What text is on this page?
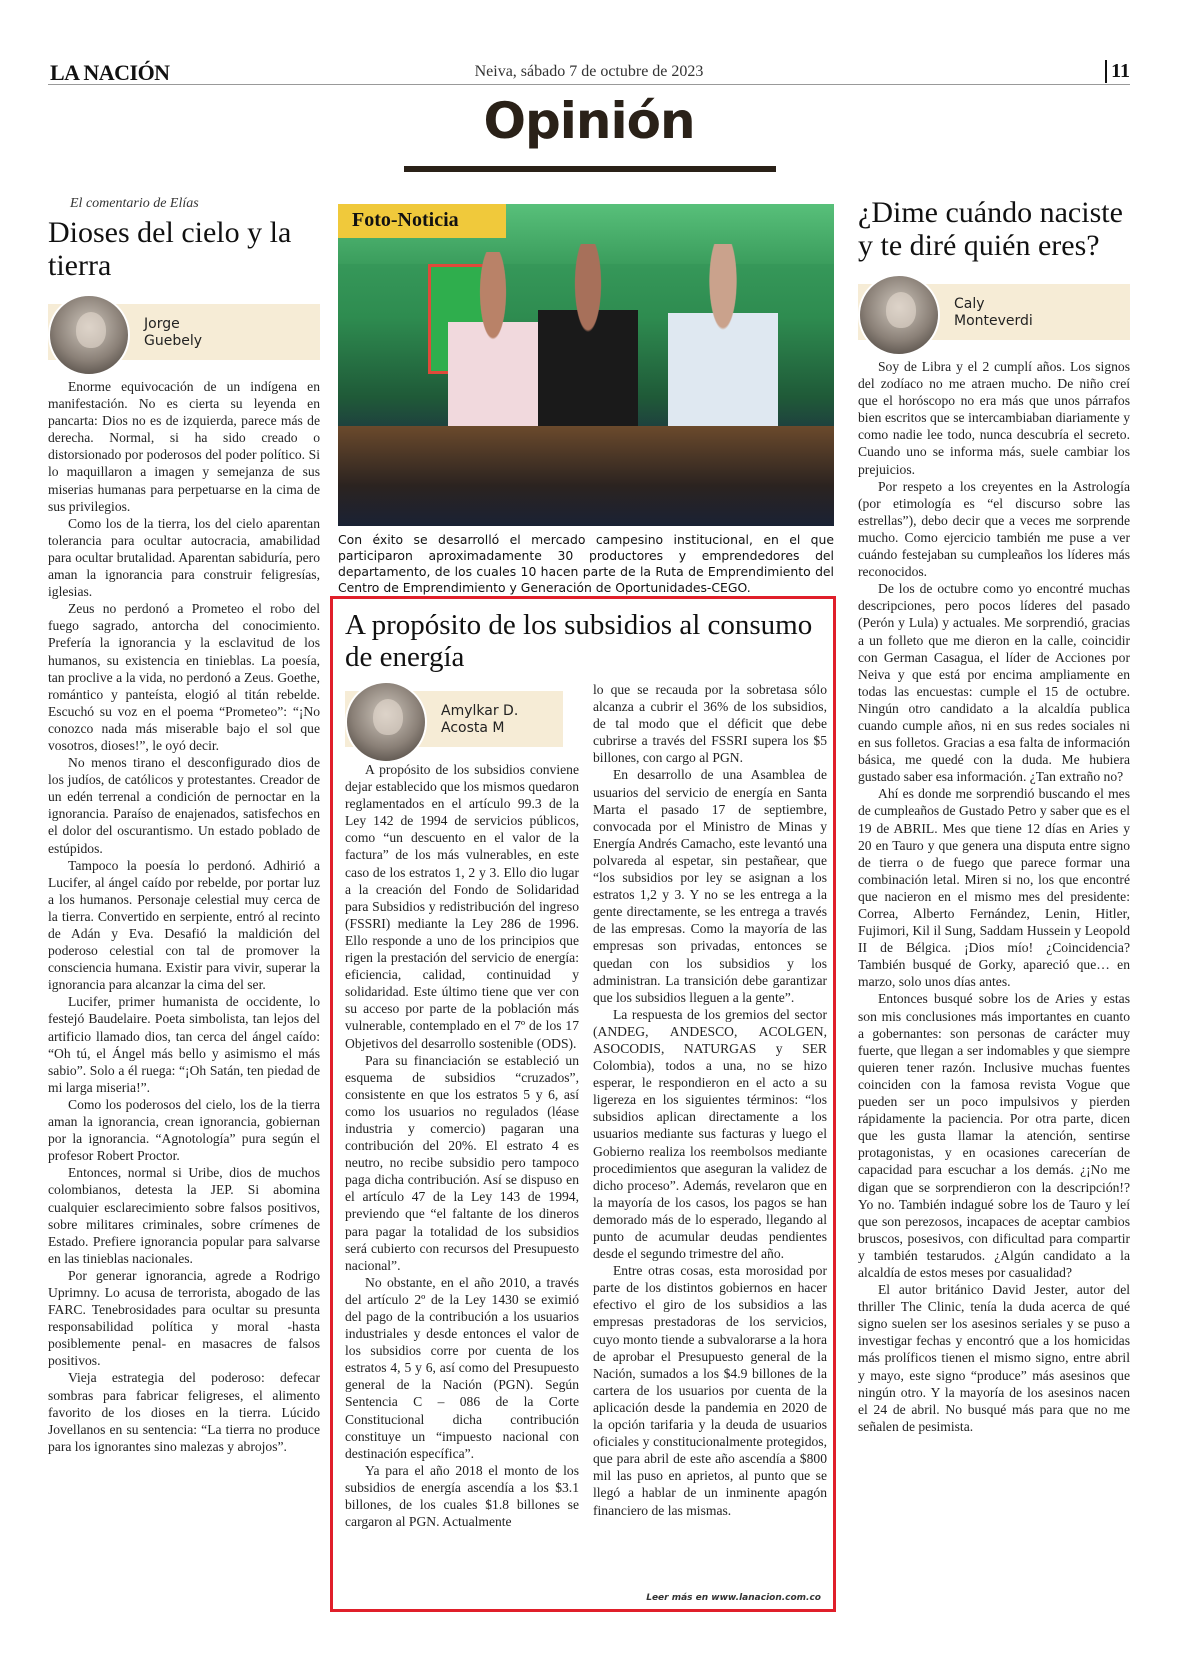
LA NACIÓN	Neiva, sábado 7 de octubre de 2023	11
Opinión
El comentario de Elías
Dioses del cielo y la tierra
Jorge
Guebely

Enorme equivocación de un indígena en manifestación. No es cierta su leyenda en pancarta: Dios no es de izquierda, parece más de derecha. Normal, si ha sido creado o distorsionado por poderosos del poder político. Si lo maquillaron a imagen y semejanza de sus miserias humanas para perpetuarse en la cima de sus privilegios.

Como los de la tierra, los del cielo aparentan tolerancia para ocultar autocracia, amabilidad para ocultar brutalidad. Aparentan sabiduría, pero aman la ignorancia para construir feligresías, iglesias.

Zeus no perdonó a Prometeo el robo del fuego sagrado, antorcha del conocimiento. Prefería la ignorancia y la esclavitud de los humanos, su existencia en tinieblas. La poesía, tan proclive a la vida, no perdonó a Zeus. Goethe, romántico y panteísta, elogió al titán rebelde. Escuchó su voz en el poema “Prometeo”: “¡No conozco nada más miserable bajo el sol que vosotros, dioses!”, le oyó decir.

No menos tirano el desconfigurado dios de los judíos, de católicos y protestantes. Creador de un edén terrenal a condición de pernoctar en la ignorancia. Paraíso de enajenados, satisfechos en el dolor del oscurantismo. Un estado poblado de estúpidos.

Tampoco la poesía lo perdonó. Adhirió a Lucifer, al ángel caído por rebelde, por portar luz a los humanos. Personaje celestial muy cerca de la tierra. Convertido en serpiente, entró al recinto de Adán y Eva. Desafió la maldición del poderoso celestial con tal de promover la consciencia humana. Existir para vivir, superar la ignorancia para alcanzar la cima del ser.

Lucifer, primer humanista de occidente, lo festejó Baudelaire. Poeta simbolista, tan lejos del artificio llamado dios, tan cerca del ángel caído: “Oh tú, el Ángel más bello y asimismo el más sabio”. Solo a él ruega: “¡Oh Satán, ten piedad de mi larga miseria!”.

Como los poderosos del cielo, los de la tierra aman la ignorancia, crean ignorancia, gobiernan por la ignorancia. “Agnotología” pura según el profesor Robert Proctor.

Entonces, normal si Uribe, dios de muchos colombianos, detesta la JEP. Si abomina cualquier esclarecimiento sobre falsos positivos, sobre militares criminales, sobre crímenes de Estado. Prefiere ignorancia popular para salvarse en las tinieblas nacionales.

Por generar ignorancia, agrede a Rodrigo Uprimny. Lo acusa de terrorista, abogado de las FARC. Tenebrosidades para ocultar su presunta responsabilidad política y moral -hasta posiblemente penal- en masacres de falsos positivos.

Vieja estrategia del poderoso: defecar sombras para fabricar feligreses, el alimento favorito de los dioses en la tierra. Lúcido Jovellanos en su sentencia: “La tierra no produce para los ignorantes sino malezas y abrojos”.

Foto-Noticia
Con éxito se desarrolló el mercado campesino institucional, en el que participaron aproximadamente 30 productores y emprendedores del departamento, de los cuales 10 hacen parte de la Ruta de Emprendimiento del Centro de Emprendimiento y Generación de Oportunidades-CEGO.
A propósito de los subsidios al consumo de energía
Amylkar D.
Acosta M

A propósito de los subsidios conviene dejar establecido que los mismos quedaron reglamentados en el artículo 99.3 de la Ley 142 de 1994 de servicios públicos, como “un descuento en el valor de la factura” de los más vulnerables, en este caso de los estratos 1, 2 y 3. Ello dio lugar a la creación del Fondo de Solidaridad para Subsidios y redistribución del ingreso (FSSRI) mediante la Ley 286 de 1996. Ello responde a uno de los principios que rigen la prestación del servicio de energía: eficiencia, calidad, continuidad y solidaridad. Este último tiene que ver con su acceso por parte de la población más vulnerable, contemplado en el 7º de los 17 Objetivos del desarrollo sostenible (ODS).

Para su financiación se estableció un esquema de subsidios “cruzados”, consistente en que los estratos 5 y 6, así como los usuarios no regulados (léase industria y comercio) pagaran una contribución del 20%. El estrato 4 es neutro, no recibe subsidio pero tampoco paga dicha contribución. Así se dispuso en el artículo 47 de la Ley 143 de 1994, previendo que “el faltante de los dineros para pagar la totalidad de los subsidios será cubierto con recursos del Presupuesto nacional”.

No obstante, en el año 2010, a través del artículo 2º de la Ley 1430 se eximió del pago de la contribución a los usuarios industriales y desde entonces el valor de los subsidios corre por cuenta de los estratos 4, 5 y 6, así como del Presupuesto general de la Nación (PGN). Según Sentencia C – 086 de la Corte Constitucional dicha contribución constituye un “impuesto nacional con destinación específica”.

Ya para el año 2018 el monto de los subsidios de energía ascendía a los $3.1 billones, de los cuales $1.8 billones se cargaron al PGN. Actualmente

lo que se recauda por la sobretasa sólo alcanza a cubrir el 36% de los subsidios, de tal modo que el déficit que debe cubrirse a través del FSSRI supera los $5 billones, con cargo al PGN.

En desarrollo de una Asamblea de usuarios del servicio de energía en Santa Marta el pasado 17 de septiembre, convocada por el Ministro de Minas y Energía Andrés Camacho, este levantó una polvareda al espetar, sin pestañear, que “los subsidios por ley se asignan a los estratos 1,2 y 3. Y no se les entrega a la gente directamente, se les entrega a través de las empresas. Como la mayoría de las empresas son privadas, entonces se quedan con los subsidios y los administran. La transición debe garantizar que los subsidios lleguen a la gente”.

La respuesta de los gremios del sector (ANDEG, ANDESCO, ACOLGEN, ASOCODIS, NATURGAS y SER Colombia), todos a una, no se hizo esperar, le respondieron en el acto a su ligereza en los siguientes términos: “los subsidios aplican directamente a los usuarios mediante sus facturas y luego el Gobierno realiza los reembolsos mediante procedimientos que aseguran la validez de dicho proceso”. Además, revelaron que en la mayoría de los casos, los pagos se han demorado más de lo esperado, llegando al punto de acumular deudas pendientes desde el segundo trimestre del año.

Entre otras cosas, esta morosidad por parte de los distintos gobiernos en hacer efectivo el giro de los subsidios a las empresas prestadoras de los servicios, cuyo monto tiende a subvalorarse a la hora de aprobar el Presupuesto general de la Nación, sumados a los $4.9 billones de la cartera de los usuarios por cuenta de la aplicación desde la pandemia en 2020 de la opción tarifaria y la deuda de usuarios oficiales y constitucionalmente protegidos, que para abril de este año ascendía a $800 mil las puso en aprietos, al punto que se llegó a hablar de un inminente apagón financiero de las mismas.

Leer más en www.lanacion.com.co
¿Dime cuándo naciste y te diré quién eres?
Caly
Monteverdi

Soy de Libra y el 2 cumplí años. Los signos del zodíaco no me atraen mucho. De niño creí que el horóscopo no era más que unos párrafos bien escritos que se intercambiaban diariamente y como nadie lee todo, nunca descubría el secreto. Cuando uno se informa más, suele cambiar los prejuicios.

Por respeto a los creyentes en la Astrología (por etimología es “el discurso sobre las estrellas”), debo decir que a veces me sorprende mucho. Como ejercicio también me puse a ver cuándo festejaban su cumpleaños los líderes más reconocidos.

De los de octubre como yo encontré muchas descripciones, pero pocos líderes del pasado (Perón y Lula) y actuales. Me sorprendió, gracias a un folleto que me dieron en la calle, coincidir con German Casagua, el líder de Acciones por Neiva y que está por encima ampliamente en todas las encuestas: cumple el 15 de octubre. Ningún otro candidato a la alcaldía publica cuando cumple años, ni en sus redes sociales ni en sus folletos. Gracias a esa falta de información básica, me quedé con la duda. Me hubiera gustado saber esa información. ¿Tan extraño no?

Ahí es donde me sorprendió buscando el mes de cumpleaños de Gustado Petro y saber que es el 19 de ABRIL. Mes que tiene 12 días en Aries y 20 en Tauro y que genera una disputa entre signo de tierra o de fuego que parece formar una combinación letal. Miren si no, los que encontré que nacieron en el mismo mes del presidente: Correa, Alberto Fernández, Lenin, Hitler, Fujimori, Kil il Sung, Saddam Hussein y Leopold II de Bélgica. ¡Dios mío! ¿Coincidencia? También busqué de Gorky, apareció que… en marzo, solo unos días antes.

Entonces busqué sobre los de Aries y estas son mis conclusiones más importantes en cuanto a gobernantes: son personas de carácter muy fuerte, que llegan a ser indomables y que siempre quieren tener razón. Inclusive muchas fuentes coinciden con la famosa revista Vogue que pueden ser un poco impulsivos y pierden rápidamente la paciencia. Por otra parte, dicen que les gusta llamar la atención, sentirse protagonistas, y en ocasiones carecerían de capacidad para escuchar a los demás. ¿¡No me digan que se sorprendieron con la descripción!? Yo no. También indagué sobre los de Tauro y leí que son perezosos, incapaces de aceptar cambios bruscos, posesivos, con dificultad para compartir y también testarudos. ¿Algún candidato a la alcaldía de estos meses por casualidad?

El autor británico David Jester, autor del thriller The Clinic, tenía la duda acerca de qué signo suelen ser los asesinos seriales y se puso a investigar fechas y encontró que a los homicidas más prolíficos tienen el mismo signo, entre abril y mayo, este signo “produce” más asesinos que ningún otro. Y la mayoría de los asesinos nacen el 24 de abril. No busqué más para que no me señalen de pesimista.
